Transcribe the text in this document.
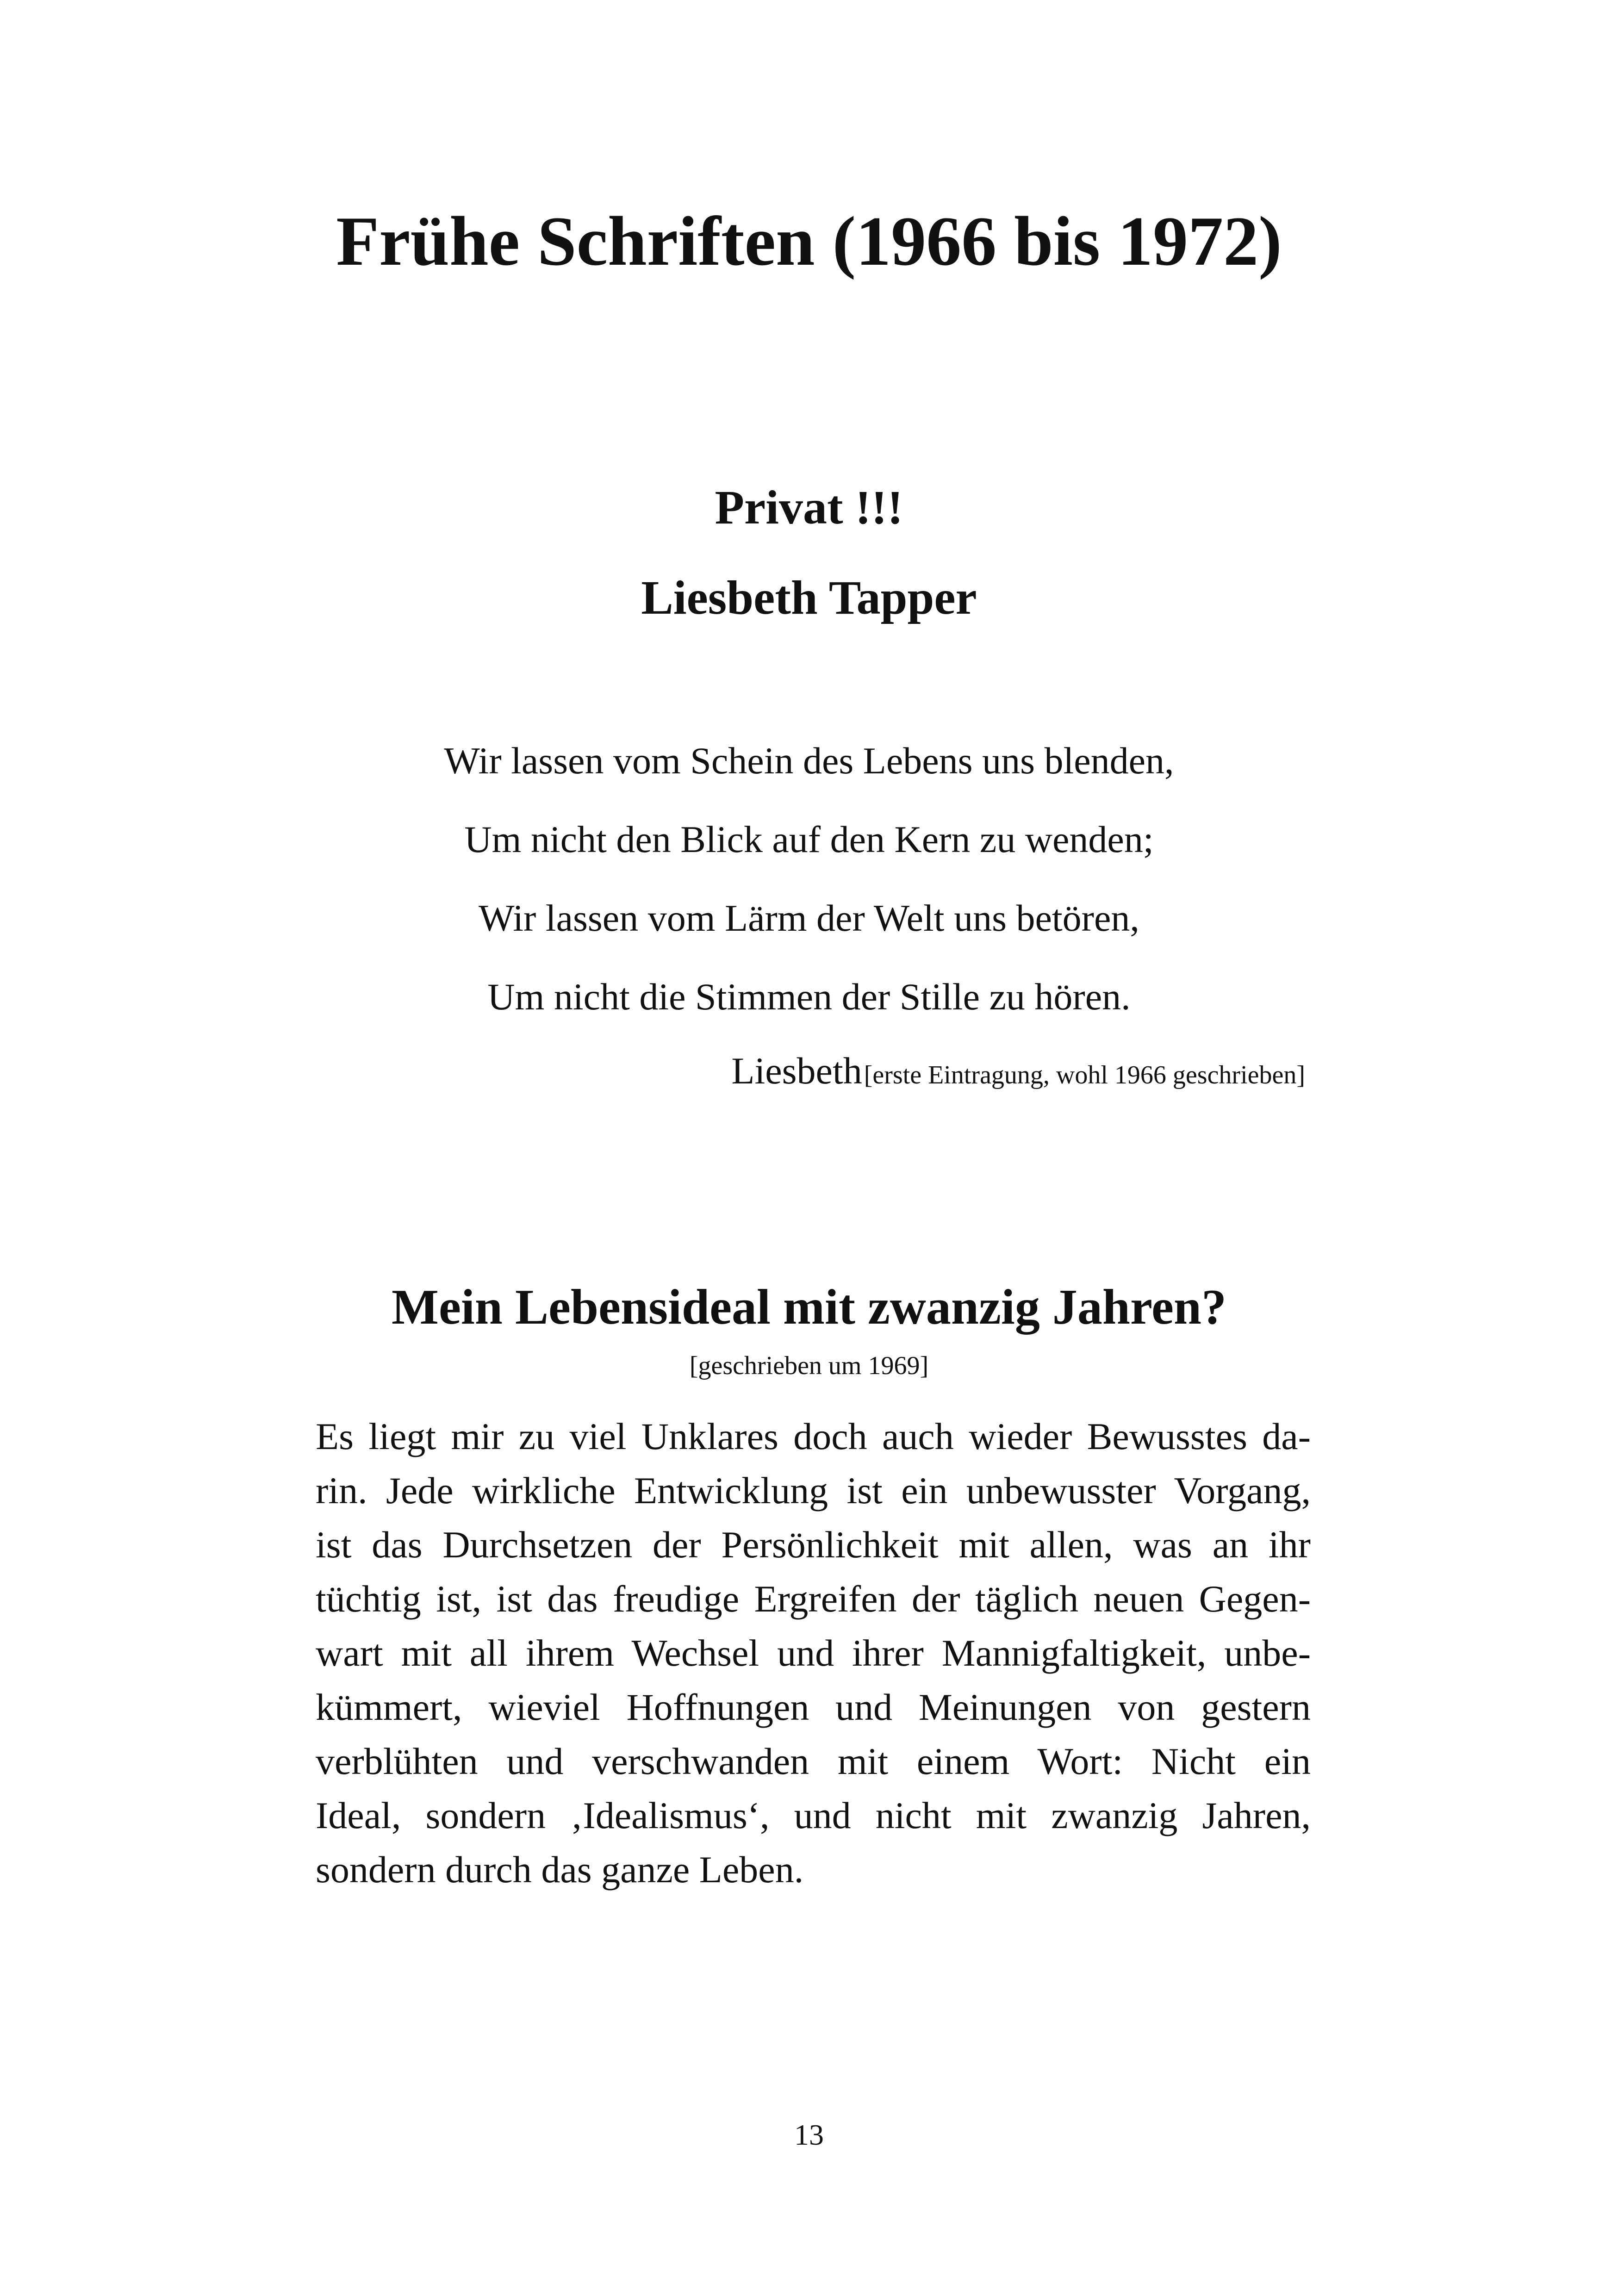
Frühe Schriften (1966 bis 1972)
Privat !!!
Liesbeth Tapper
Wir lassen vom Schein des Lebens uns blenden,
Um nicht den Blick auf den Kern zu wenden;
Wir lassen vom Lärm der Welt uns betören,
Um nicht die Stimmen der Stille zu hören.
Liesbeth [erste Eintragung, wohl 1966 geschrieben]
Mein Lebensideal mit zwanzig Jahren?
[geschrieben um 1969]
Es liegt mir zu viel Unklares doch auch wieder Bewusstes da-
rin. Jede wirkliche Entwicklung ist ein unbewusster Vorgang,
ist das Durchsetzen der Persönlichkeit mit allen, was an ihr
tüchtig ist, ist das freudige Ergreifen der täglich neuen Gegen-
wart mit all ihrem Wechsel und ihrer Mannigfaltigkeit, unbe-
kümmert, wieviel Hoffnungen und Meinungen von gestern
verblühten und verschwanden mit einem Wort: Nicht ein
Ideal, sondern ‚Idealismus‘, und nicht mit zwanzig Jahren,
sondern durch das ganze Leben.
13
